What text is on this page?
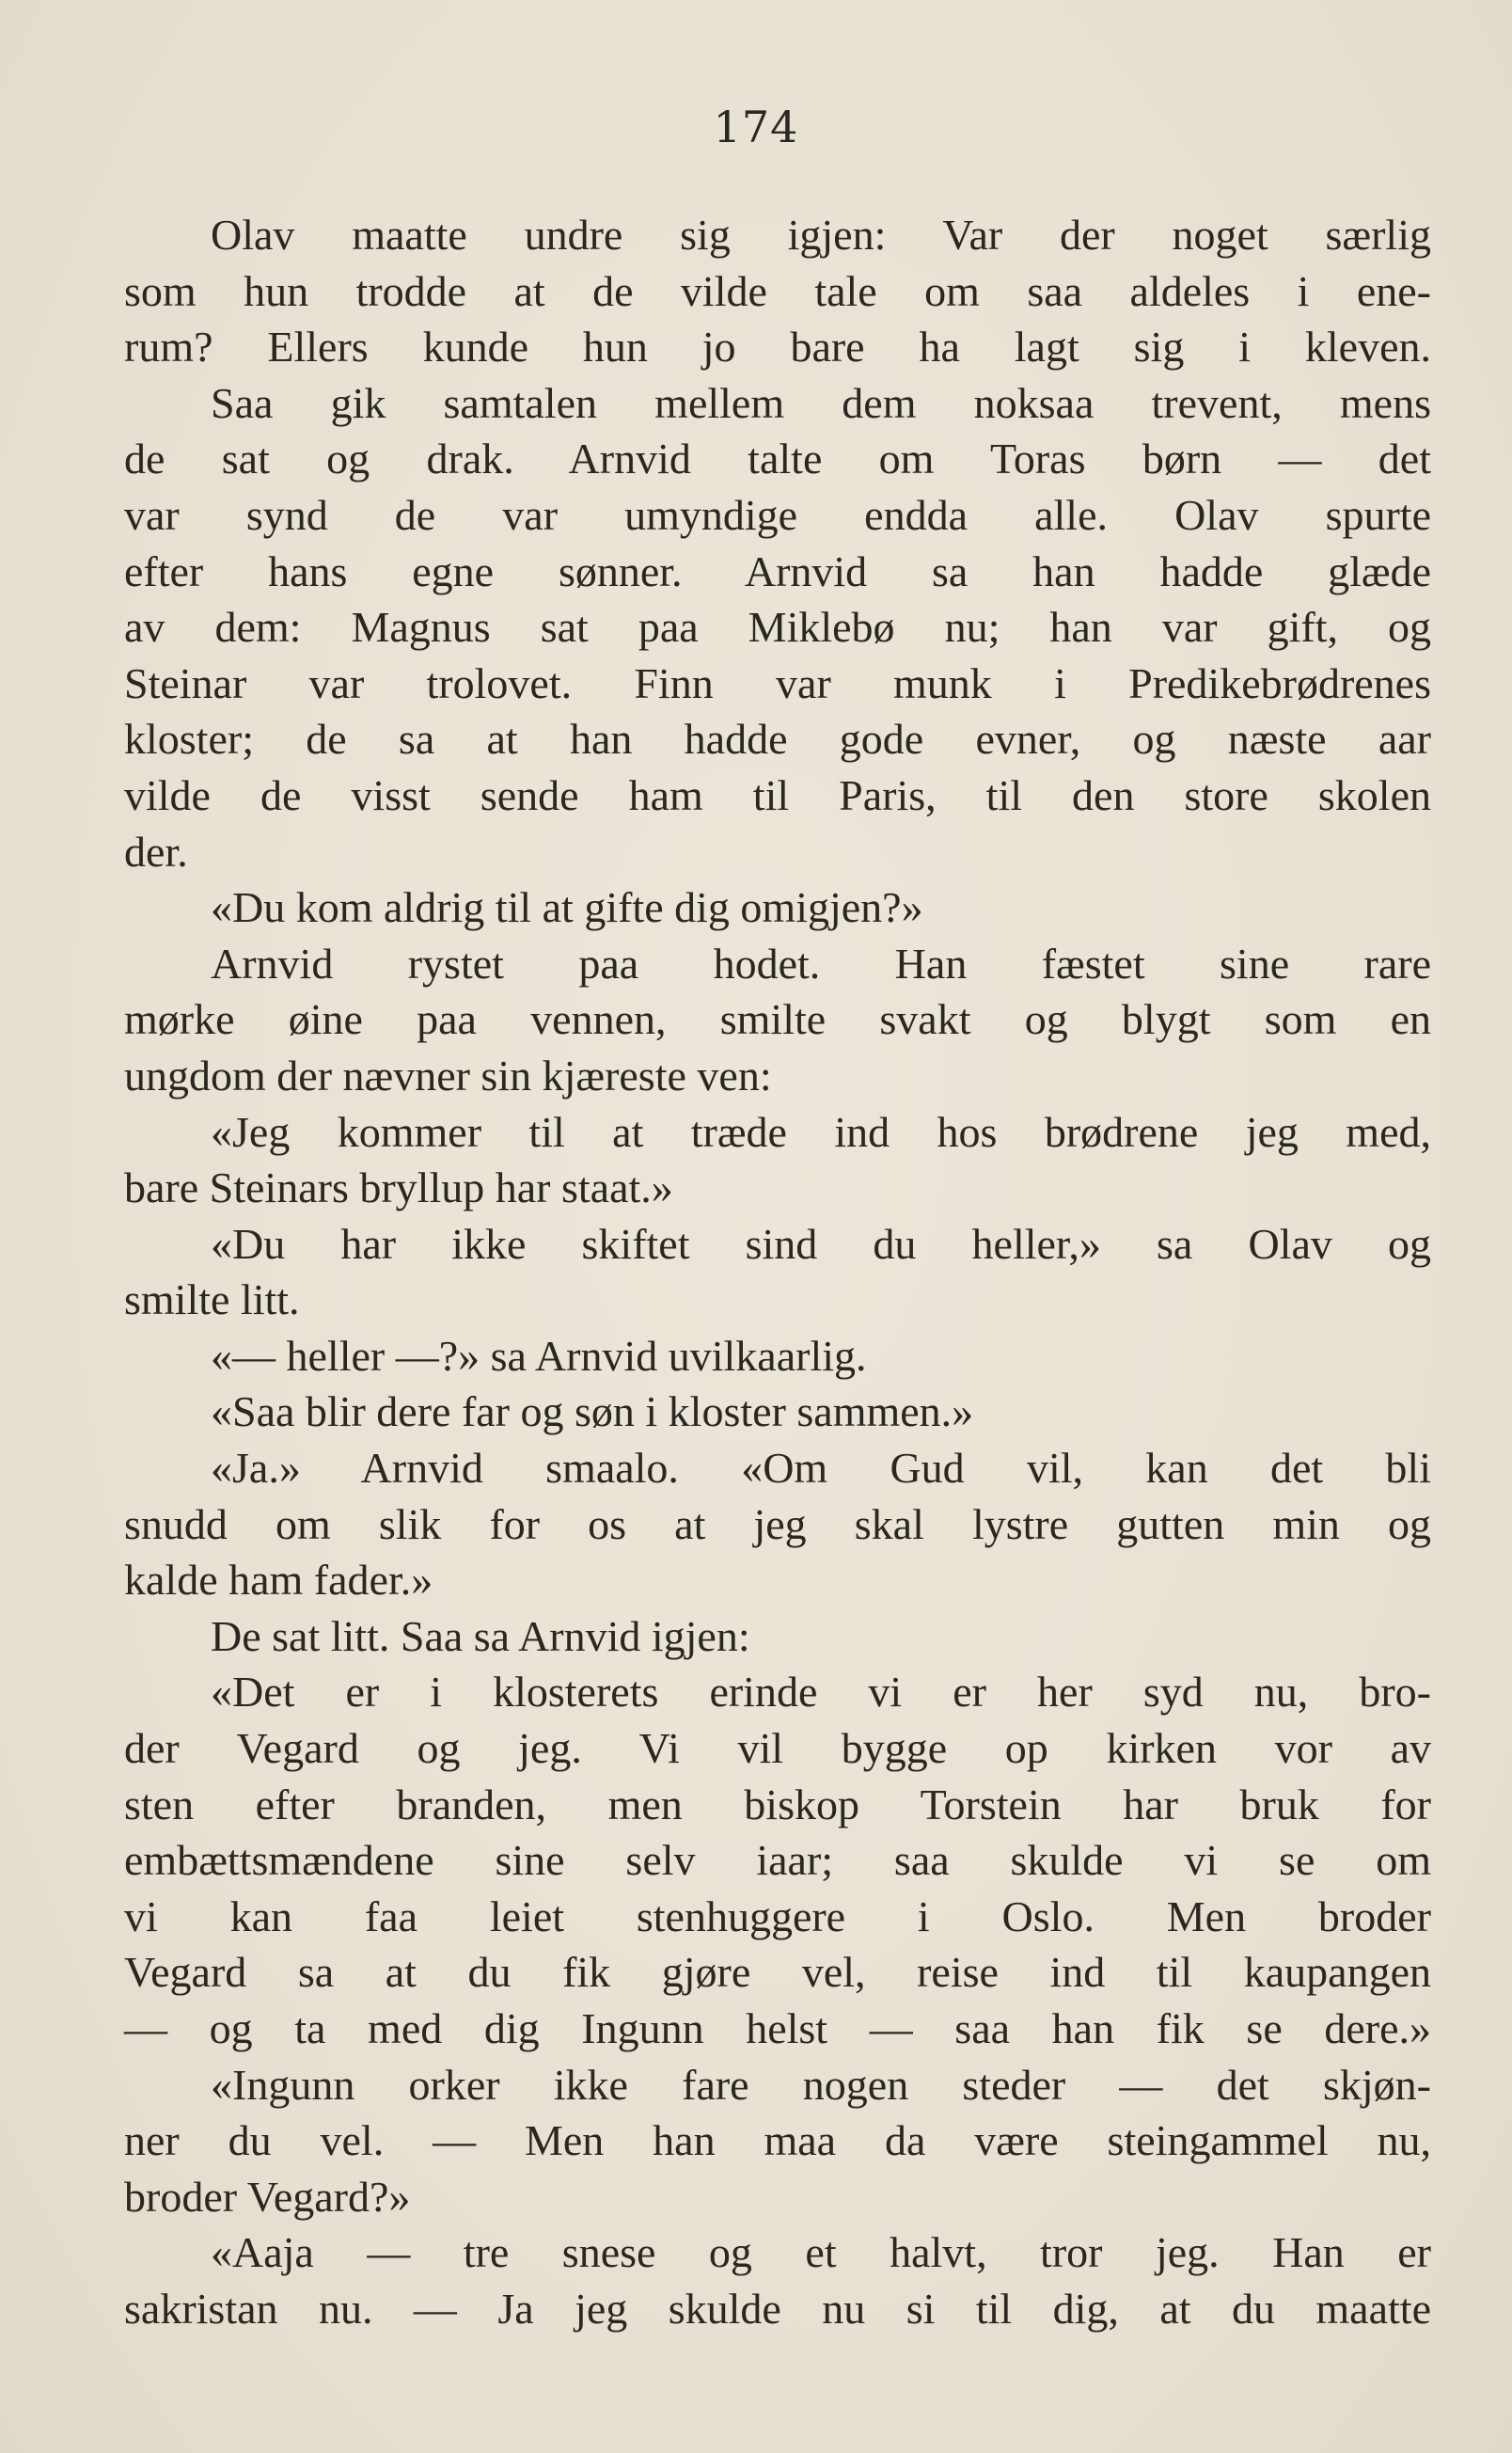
174
Olav maatte undre sig igjen: Var der noget særlig
som hun trodde at de vilde tale om saa aldeles i ene-
rum? Ellers kunde hun jo bare ha lagt sig i kleven.
Saa gik samtalen mellem dem noksaa trevent, mens
de sat og drak. Arnvid talte om Toras børn — det
var synd de var umyndige endda alle. Olav spurte
efter hans egne sønner. Arnvid sa han hadde glæde
av dem: Magnus sat paa Miklebø nu; han var gift, og
Steinar var trolovet. Finn var munk i Predikebrødrenes
kloster; de sa at han hadde gode evner, og næste aar
vilde de visst sende ham til Paris, til den store skolen
der.
«Du kom aldrig til at gifte dig omigjen?»
Arnvid rystet paa hodet. Han fæstet sine rare
mørke øine paa vennen, smilte svakt og blygt som en
ungdom der nævner sin kjæreste ven:
«Jeg kommer til at træde ind hos brødrene jeg med,
bare Steinars bryllup har staat.»
«Du har ikke skiftet sind du heller,» sa Olav og
smilte litt.
«— heller —?» sa Arnvid uvilkaarlig.
«Saa blir dere far og søn i kloster sammen.»
«Ja.» Arnvid smaalo. «Om Gud vil, kan det bli
snudd om slik for os at jeg skal lystre gutten min og
kalde ham fader.»
De sat litt. Saa sa Arnvid igjen:
«Det er i klosterets erinde vi er her syd nu, bro-
der Vegard og jeg. Vi vil bygge op kirken vor av
sten efter branden, men biskop Torstein har bruk for
embættsmændene sine selv iaar; saa skulde vi se om
vi kan faa leiet stenhuggere i Oslo. Men broder
Vegard sa at du fik gjøre vel, reise ind til kaupangen
— og ta med dig Ingunn helst — saa han fik se dere.»
«Ingunn orker ikke fare nogen steder — det skjøn-
ner du vel. — Men han maa da være steingammel nu,
broder Vegard?»
«Aaja — tre snese og et halvt, tror jeg. Han er
sakristan nu. — Ja jeg skulde nu si til dig, at du maatte
